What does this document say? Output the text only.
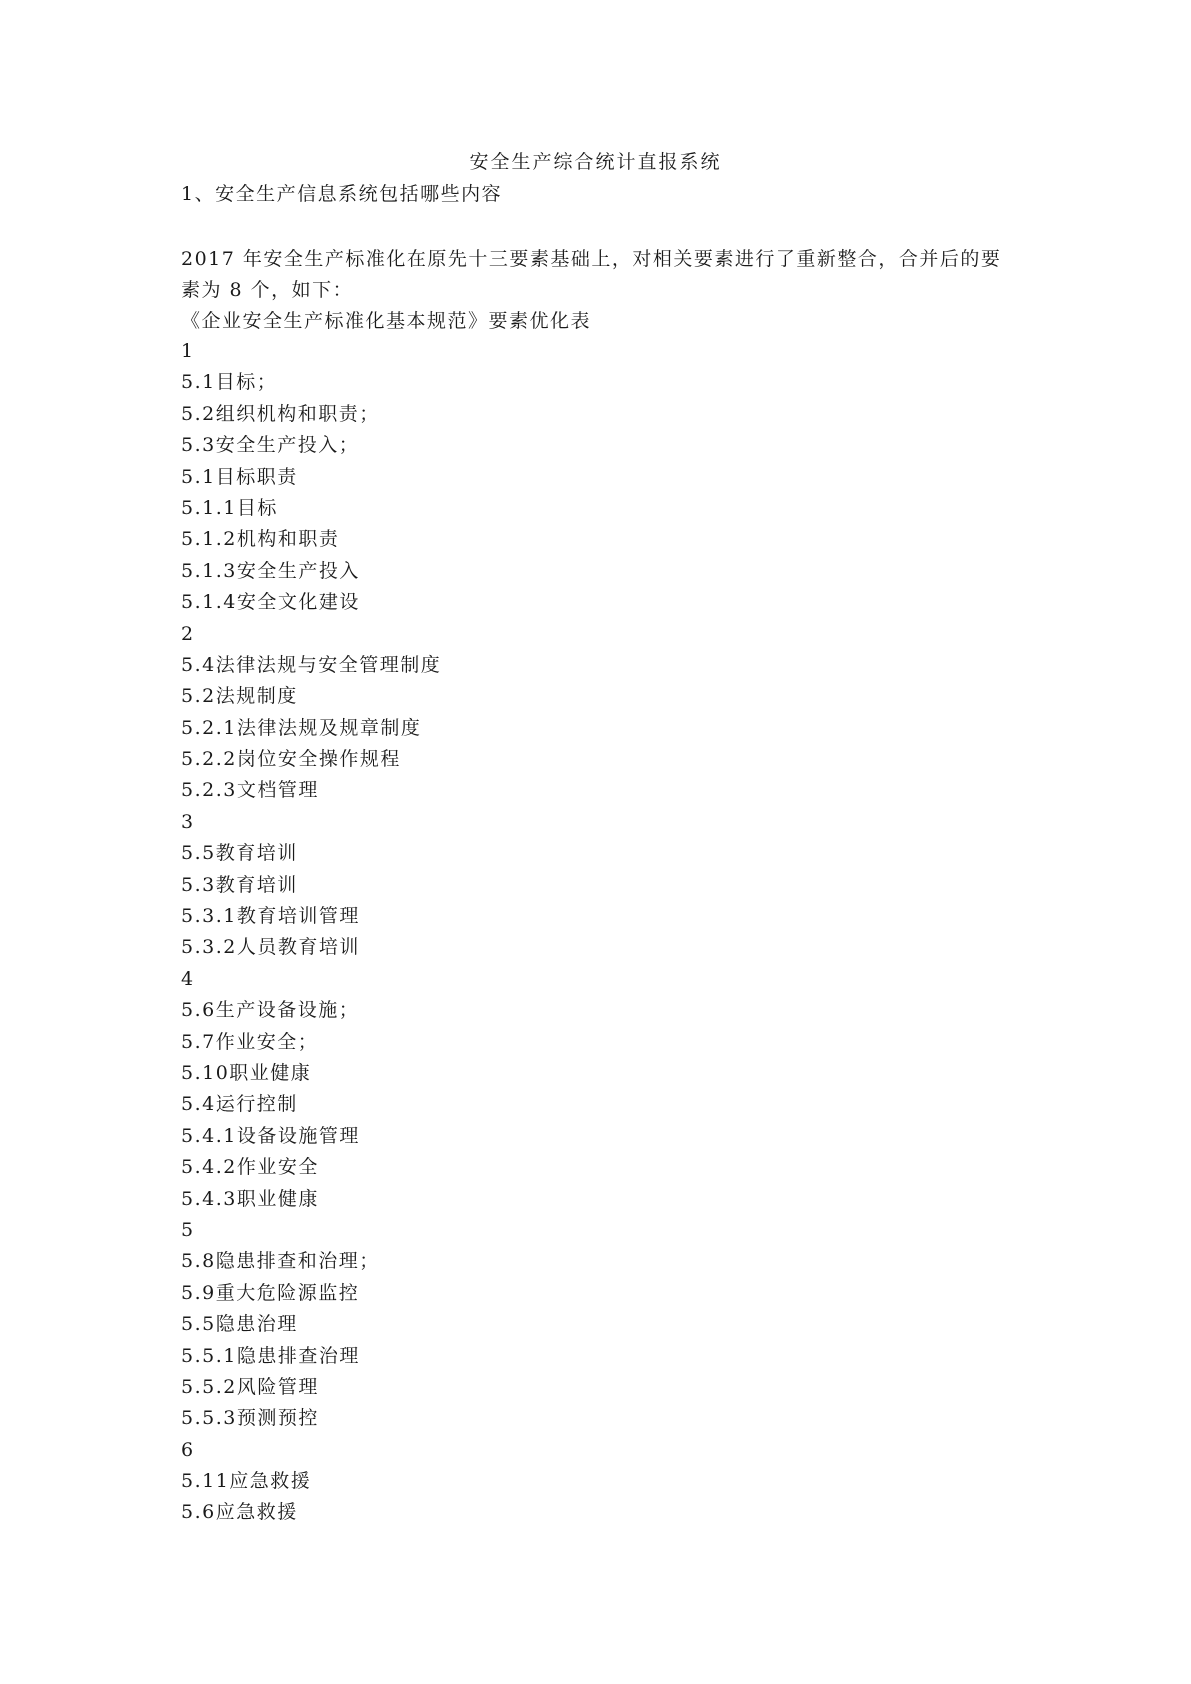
安全生产综合统计直报系统
1、安全生产信息系统包括哪些内容

2017 年安全生产标准化在原先十三要素基础上，对相关要素进行了重新整合，合并后的要

素为 8 个，如下：

《企业安全生产标准化基本规范》要素优化表

1
5.1目标；
5.2组织机构和职责；
5.3安全生产投入；
5.1目标职责
5.1.1目标
5.1.2机构和职责
5.1.3安全生产投入
5.1.4安全文化建设
2
5.4法律法规与安全管理制度
5.2法规制度
5.2.1法律法规及规章制度
5.2.2岗位安全操作规程
5.2.3文档管理
3
5.5教育培训
5.3教育培训
5.3.1教育培训管理
5.3.2人员教育培训
4
5.6生产设备设施；
5.7作业安全；
5.10职业健康
5.4运行控制
5.4.1设备设施管理
5.4.2作业安全
5.4.3职业健康
5
5.8隐患排查和治理；
5.9重大危险源监控
5.5隐患治理
5.5.1隐患排查治理
5.5.2风险管理
5.5.3预测预控
6
5.11应急救援
5.6应急救援
